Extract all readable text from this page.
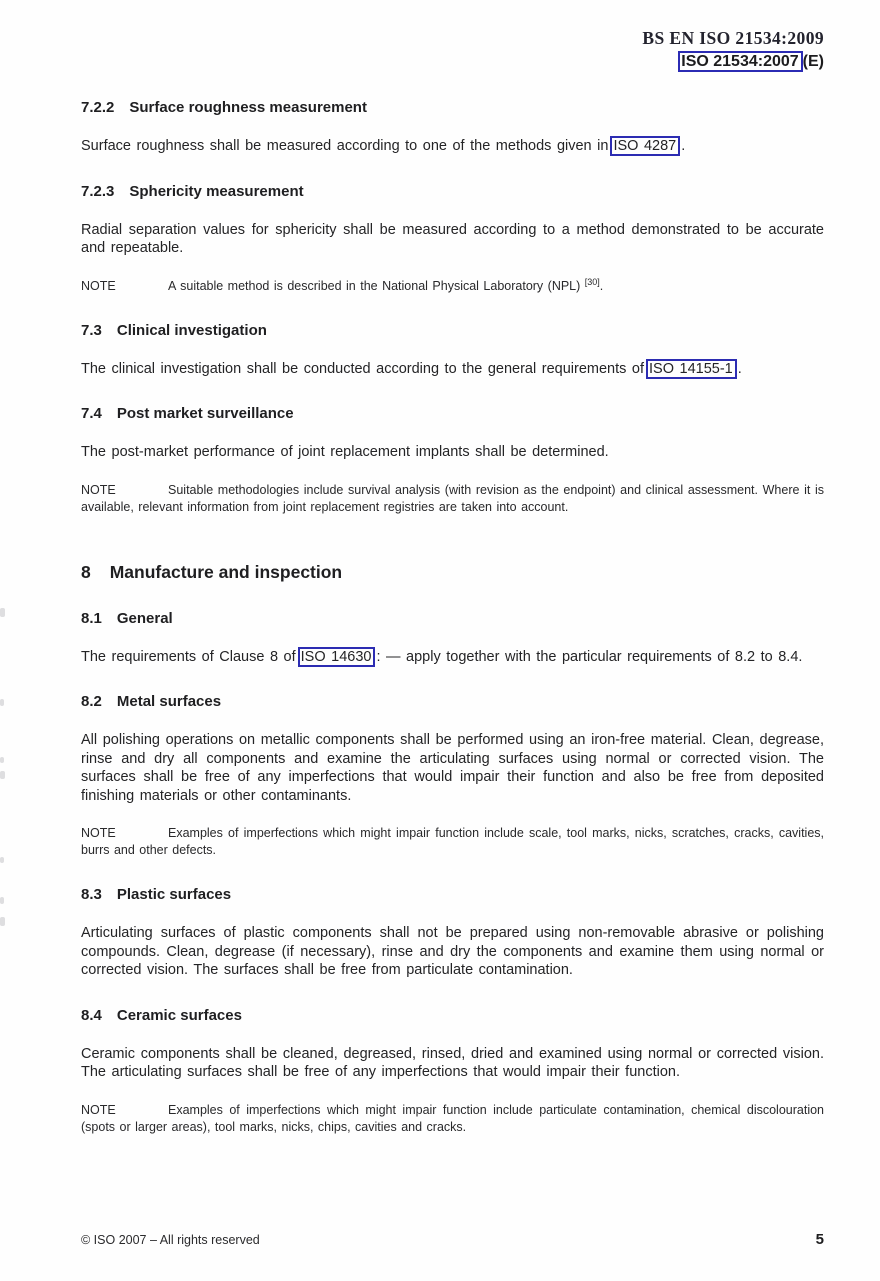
BS EN ISO 21534:2009
ISO 21534:2007 (E)
7.2.2 Surface roughness measurement

Surface roughness shall be measured according to one of the methods given in ISO 4287 .

7.2.3 Sphericity measurement

Radial separation values for sphericity shall be measured according to a method demonstrated to be accurate and repeatable.

NOTE	A suitable method is described in the National Physical Laboratory (NPL) [30].

7.3 Clinical investigation

The clinical investigation shall be conducted according to the general requirements of ISO 14155-1 .

7.4 Post market surveillance

The post-market performance of joint replacement implants shall be determined.

NOTE	Suitable methodologies include survival analysis (with revision as the endpoint) and clinical assessment. Where it is available, relevant information from joint replacement registries are taken into account.

8 Manufacture and inspection
8.1 General

The requirements of Clause 8 of ISO 14630 : — apply together with the particular requirements of 8.2 to 8.4.

8.2 Metal surfaces

All polishing operations on metallic components shall be performed using an iron-free material. Clean, degrease, rinse and dry all components and examine the articulating surfaces using normal or corrected vision. The surfaces shall be free of any imperfections that would impair their function and also be free from deposited finishing materials or other contaminants.

NOTE	Examples of imperfections which might impair function include scale, tool marks, nicks, scratches, cracks, cavities, burrs and other defects.

8.3 Plastic surfaces

Articulating surfaces of plastic components shall not be prepared using non-removable abrasive or polishing compounds. Clean, degrease (if necessary), rinse and dry the components and examine them using normal or corrected vision. The surfaces shall be free from particulate contamination.

8.4 Ceramic surfaces

Ceramic components shall be cleaned, degreased, rinsed, dried and examined using normal or corrected vision. The articulating surfaces shall be free of any imperfections that would impair their function.

NOTE	Examples of imperfections which might impair function include particulate contamination, chemical discolouration (spots or larger areas), tool marks, nicks, chips, cavities and cracks.

© ISO 2007 – All rights reserved	5
